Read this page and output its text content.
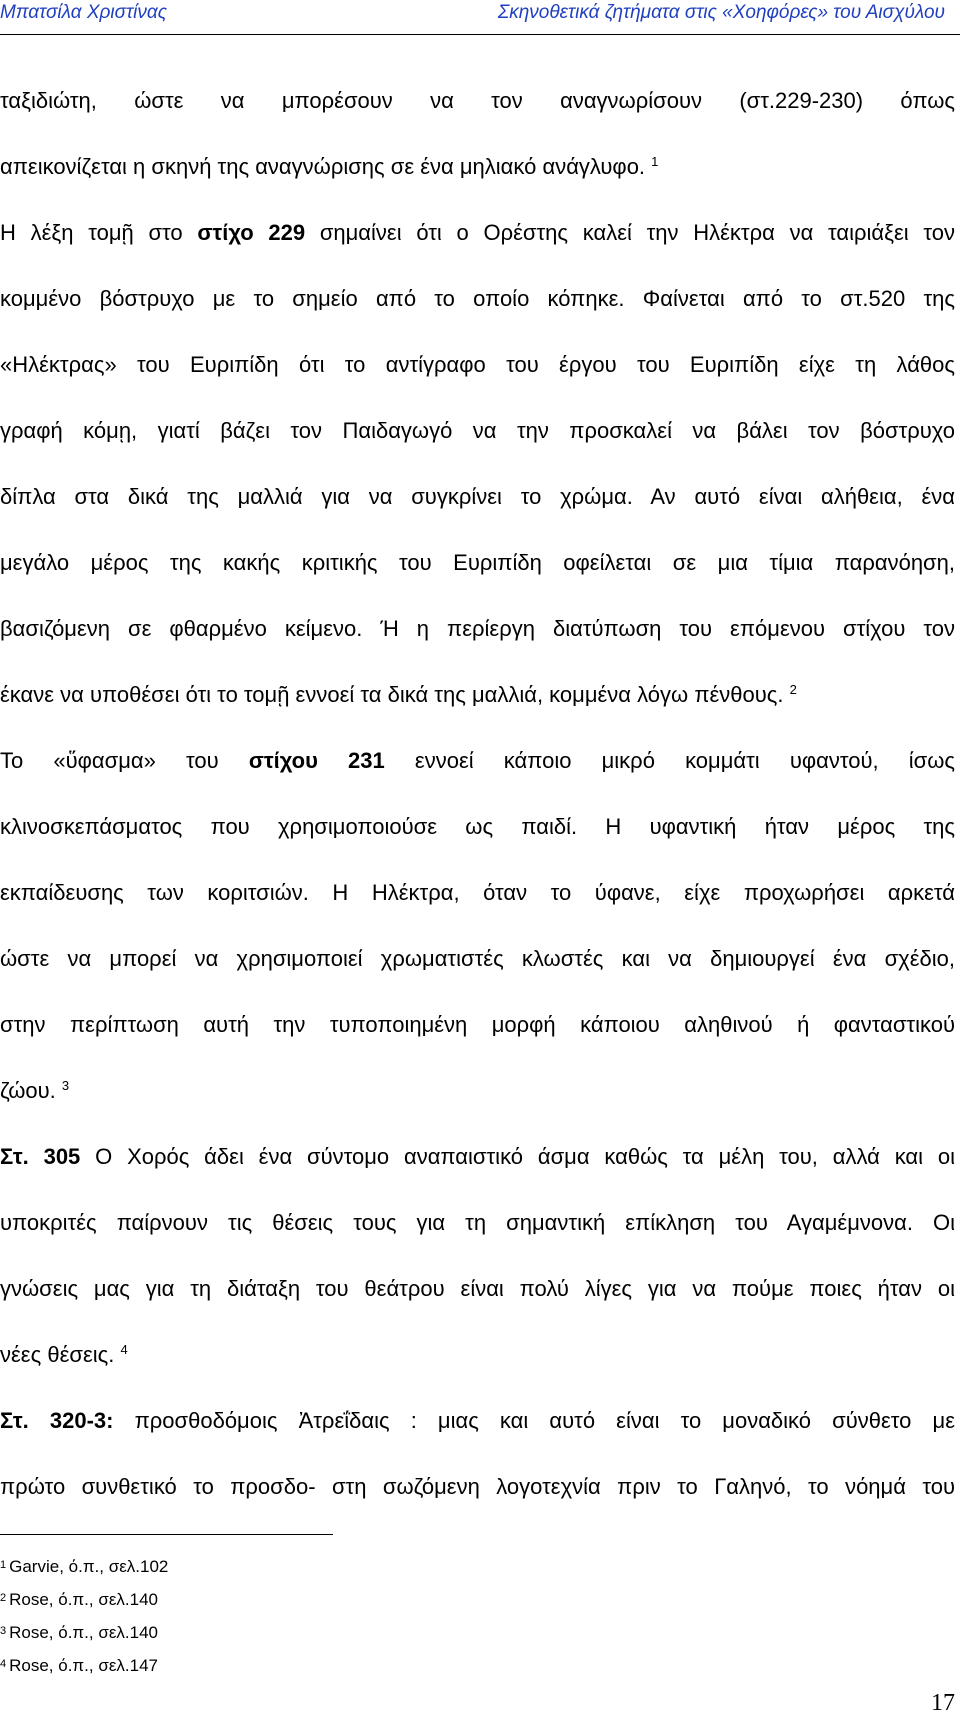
Μπατσίλα Χριστίνας	Σκηνοθετικά ζητήματα στις «Χοηφόρες» του Αισχύλου
ταξιδιώτη, ώστε να μπορέσουν να τον αναγνωρίσουν (στ.229-230) όπως
απεικονίζεται η σκηνή της αναγνώρισης σε ένα μηλιακό ανάγλυφο. $^1$
Η λέξη τομῇ στο στίχο 229 σημαίνει ότι ο Ορέστης καλεί την Ηλέκτρα να ταιριάξει τον
κομμένο βόστρυχο με το σημείο από το οποίο κόπηκε. Φαίνεται από το στ.520 της
«Ηλέκτρας» του Ευριπίδη ότι το αντίγραφο του έργου του Ευριπίδη είχε τη λάθος
γραφή κόμῃ, γιατί βάζει τον Παιδαγωγό να την προσκαλεί να βάλει τον βόστρυχο
δίπλα στα δικά της μαλλιά για να συγκρίνει το χρώμα. Αν αυτό είναι αλήθεια, ένα
μεγάλο μέρος της κακής κριτικής του Ευριπίδη οφείλεται σε μια τίμια παρανόηση,
βασιζόμενη σε φθαρμένο κείμενο. Ή η περίεργη διατύπωση του επόμενου στίχου τον
έκανε να υποθέσει ότι το τομῇ εννοεί τα δικά της μαλλιά, κομμένα λόγω πένθους. $^2$
Το «ὕφασμα» του στίχου 231 εννοεί κάποιο μικρό κομμάτι υφαντού, ίσως
κλινοσκεπάσματος που χρησιμοποιούσε ως παιδί. Η υφαντική ήταν μέρος της
εκπαίδευσης των κοριτσιών. Η Ηλέκτρα, όταν το ύφανε, είχε προχωρήσει αρκετά
ώστε να μπορεί να χρησιμοποιεί χρωματιστές κλωστές και να δημιουργεί ένα σχέδιο,
στην περίπτωση αυτή την τυποποιημένη μορφή κάποιου αληθινού ή φανταστικού
ζώου. $^3$
Στ. 305 Ο Χορός άδει ένα σύντομο αναπαιστικό άσμα καθώς τα μέλη του, αλλά και οι
υποκριτές παίρνουν τις θέσεις τους για τη σημαντική επίκληση του Αγαμέμνονα. Οι
γνώσεις μας για τη διάταξη του θεάτρου είναι πολύ λίγες για να πούμε ποιες ήταν οι
νέες θέσεις. $^4$
Στ. 320-3: προσθοδόμοις Ἀτρεΐδαις : μιας και αυτό είναι το μοναδικό σύνθετο με
πρώτο συνθετικό το προσδο- στη σωζόμενη λογοτεχνία πριν το Γαληνό, το νόημά του
$^1$ Garvie, ό.π., σελ.102
$^2$ Rose, ό.π., σελ.140
$^3$ Rose, ό.π., σελ.140
$^4$ Rose, ό.π., σελ.147
17
